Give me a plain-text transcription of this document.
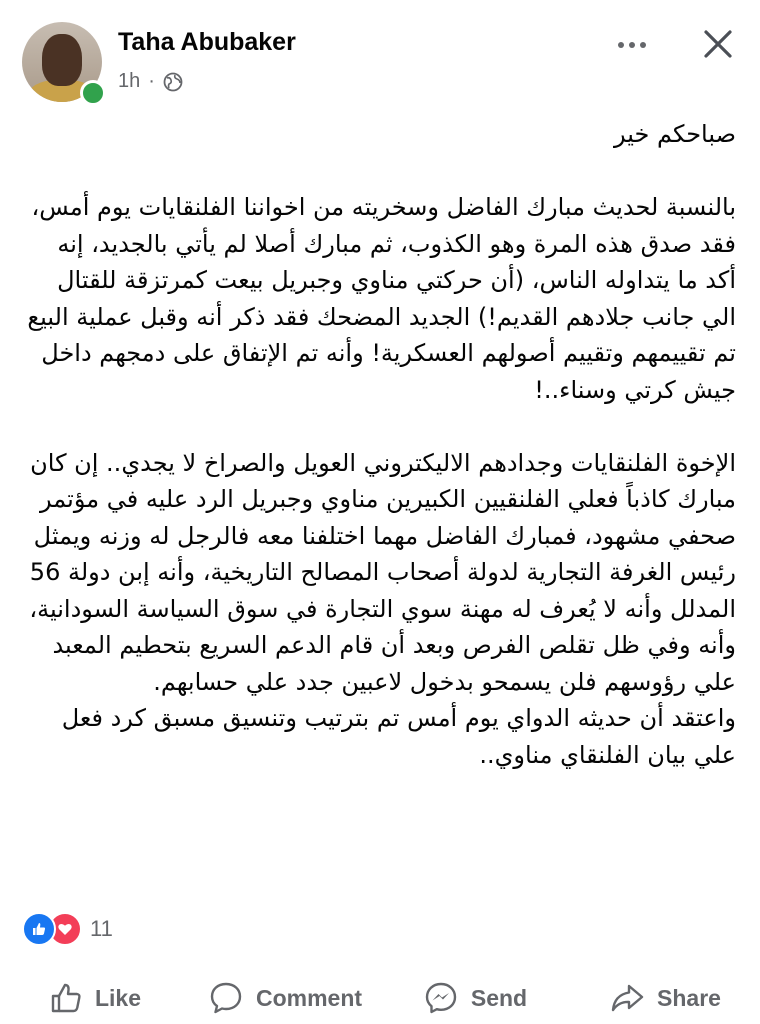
Taha Abubaker
1h ·

صباحكم خير

بالنسبة لحديث مبارك الفاضل وسخريته من اخواننا الفلنقايات يوم أمس، فقد صدق هذه المرة وهو الكذوب، ثم مبارك أصلا لم يأتي بالجديد، إنه أكد ما يتداوله الناس، (أن حركتي مناوي وجبريل بيعت كمرتزقة للقتال الي جانب جلادهم القديم!) الجديد المضحك فقد ذكر أنه وقبل عملية البيع تم تقييمهم وتقييم أصولهم العسكرية! وأنه تم الإتفاق على دمجهم داخل جيش كرتي وسناء..!

الإخوة الفلنقايات وجدادهم الاليكتروني العويل والصراخ لا يجدي.. إن كان مبارك كاذباً فعلي الفلنقيين الكبيرين مناوي وجبريل الرد عليه في مؤتمر صحفي مشهود، فمبارك الفاضل مهما اختلفنا معه فالرجل له وزنه ويمثل رئيس الغرفة التجارية لدولة أصحاب المصالح التاريخية، وأنه إبن دولة 56 المدلل وأنه لا يُعرف له مهنة سوي التجارة في سوق السياسة السودانية، وأنه وفي ظل تقلص الفرص وبعد أن قام الدعم السريع بتحطيم المعبد علي رؤوسهم فلن يسمحو بدخول لاعبين جدد علي حسابهم.

واعتقد أن حديثه الدواي يوم أمس تم بترتيب وتنسيق مسبق كرد فعل علي بيان الفلنقاي مناوي..

11
Like	Comment	Send	Share
